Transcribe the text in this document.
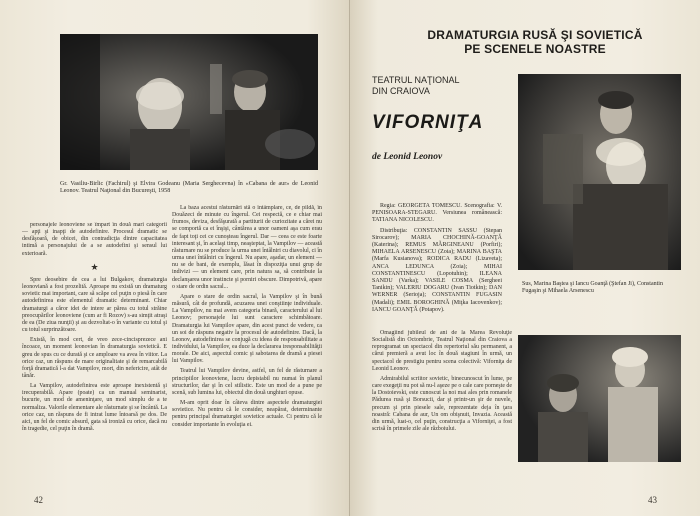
Gr. Vasiliu-Birlic (Fachirul) şi Elvira Godeanu (Maria Serghecevna) în «Cabana de aur» de Leonid Leonov. Teatrul Naţional din Bucureşti, 1958

personajele leonoviene se împart în două mari categorii — apţi şi inapţi de autodefinire. Procesul dramatic se desfăşoară, de obicei, din contradicţia dintre capacitatea intimă a personajului de a se autodefini şi sensul lui exterioară.

★

Spre deosebire de cea a lui Bulgakov, dramaturgia leonoviană a fost prozelită. Aproape nu există un dramaturg sovietic mai important, care să scăpe cel puţin o piesă în care autodefinirea este elementul dramatic determinant. Chiar dramaturgi a căror idei de intere ar părea cu totul străine preocupărilor leonoviene (cum ar fi Rozov) s-au simţit atraşi de ea (De ziua nunţii) şi au dezvoltat-o în variante cu totul şi cu totul surprinzătoare.

Există, în mod cert, de vreo zece-cincisprezece ani încoace, un moment leonovian în dramaturgia sovietică. E greu de spus cu ce durată şi ce amploare va avea în viitor. La orice caz, un răspuns de mare originalitate şi de remarcabilă forţă dramatică l-a dat Vampilov, mort, din nefericire, atât de tânăr.

La Vampilov, autodefinirea este aproape inexistentă şi irecuperabilă. Apare (poate) ca un manual seminarist, bucurie, un mod de ameninţare, un mod simplu de a te normaliza. Valorile elementare ale răsturnate şi se încântă. La orice caz, un răspuns de fi intrat lume întoarsă pe dos. De aici, un fel de comic absurd, gata să ironiză cu orice, dacă nu în tragedie, cel puţin în dramă.

La baza acestui răsturnări stă o întâmplare, ce, de pildă, în Douăzeci de minute cu îngerul. Cei respectă, ce e chiar mai frumos, deviza, desfăşurată a partiturii de curiozitate a cărei nu se comportă ca ei înşişi, cântărea a unor oameni aşa cum erau de fapt toţi cei ce cunoşteau îngerul. Dar — ceea ce este foarte interesant şi, în acelaşi timp, neaşteptat, la Vampilov — această răsturnare nu se produce la urma unei întâlniri cu diavolul, ci în urma unei întâlniri cu îngerul. Nu apare, aşadar, un element — nu se de bani, de exemplu, lăsat în dispoziţia unui grup de indivizi — un element care, prin natura sa, să contribuie la declanşarea unor instincte şi porniri obscure. Dimpotrivă, apare o stare de ordin sacral...

Apare o stare de ordin sacral, la Vampilov şi în bună măsură, cât de profundă, acuzarea unei conştiinţe individuale. La Vampilov, nu mai avem categoria binară, caracterului al lui Leonov; personajele lui sunt caractere schimbătoare. Dramaturgia lui Vampilov apare, din acest punct de vedere, ca un soi de răspuns negativ la procesul de autodefinire. Dacă, la Leonov, autodefinirea se conjugă cu ideea de responsabilitate a individului, la Vampilov, ea duce la declararea iresponsabilităţii morale. De aici, aspectul comic şi sabotarea de dramă a piesei lui Vampilov.

Teatrul lui Vampilov devine, astfel, un fel de răsturnare a principiilor leonoviene, lucru depistabil nu numai în planul structurilor, dar şi în cel stilistic. Este un mod de a pune pe scenă, sub lumina lui, obiectul din două unghiuri opuse.

M-am oprit doar în câteva dintre aspectele dramaturgiei sovietice. Nu pentru că le consider, neapărat, determinante pentru principal dramaturgiei sovietice actuale. Ci pentru că le consider importante în evoluţia ei.

42
DRAMATURGIA RUSĂ ŞI SOVIETICĂ
PE SCENELE NOASTRE
TEATRUL NAŢIONAL
DIN CRAIOVA
VIFORNIŢA
de Leonid Leonov

Regia: GEORGETA TOMESCU. Scenografia: V. PENISOARA-STEGARU. Versiunea românească: TATIANA NICOLESCU.

Distribuţia: CONSTANTIN SASSU (Stepan Sirocarov); MARIA CHOCHINĂ-GOANŢĂ (Katerina); REMUS MĂRGINEANU (Porfiri); MIHAELA ARSENESCU (Zoia); MARINA BAŞTA (Marfa Kusianova); RODICA RADU (Lizaveta); ANCA LEDUNCA (Zoia); MIHAI CONSTANTINESCU (Lopotuhin); ILEANA SANDU (Varka); VASILE COSMA (Sergheei Tanikin); VALERIU DOGARU (Ivan Tiotkin); DAN WERNER (Serioja); CONSTANTIN FUGASIN (Madali); EMIL BOROGHINĂ (Miţka Iacovenkov); IANCU GOANŢĂ (Potapov).

Sus, Marina Baştea şi Iancu Goanţă (Ştefan Ji), Constantin Fugaşin şi Mihaela Arsenescu

Omagiind jubileul de ani de la Marea Revoluţie Socialistă din Octombrie, Teatrul Naţional din Craiova a reprogramat un spectacol din repertoriul său permanent, a cărui premieră a avut loc în două stagiuni în urmă, un spectacol de prestigiu pentru scena colectivă: Viforniţa de Leonid Leonov.

Admirabilul scriitor sovietic, binecunoscut în lume, pe care exegeţii nu pot să nu-l aşeze pe o cale care porneşte de la Dostoievski, este cunoscut la noi mai ales prin romanele Pădurea rusă şi Borsucii, dar şi printr-un şir de nuvele, precum şi prin piesele sale, reprezentate deja în ţara noastră: Cabana de aur, Un om obişnuit, Invazia. Această din urmă, luat-o, cel puţin, construcţia a Viforniţei, a fost scrisă în primele zile ale războiului.

43
